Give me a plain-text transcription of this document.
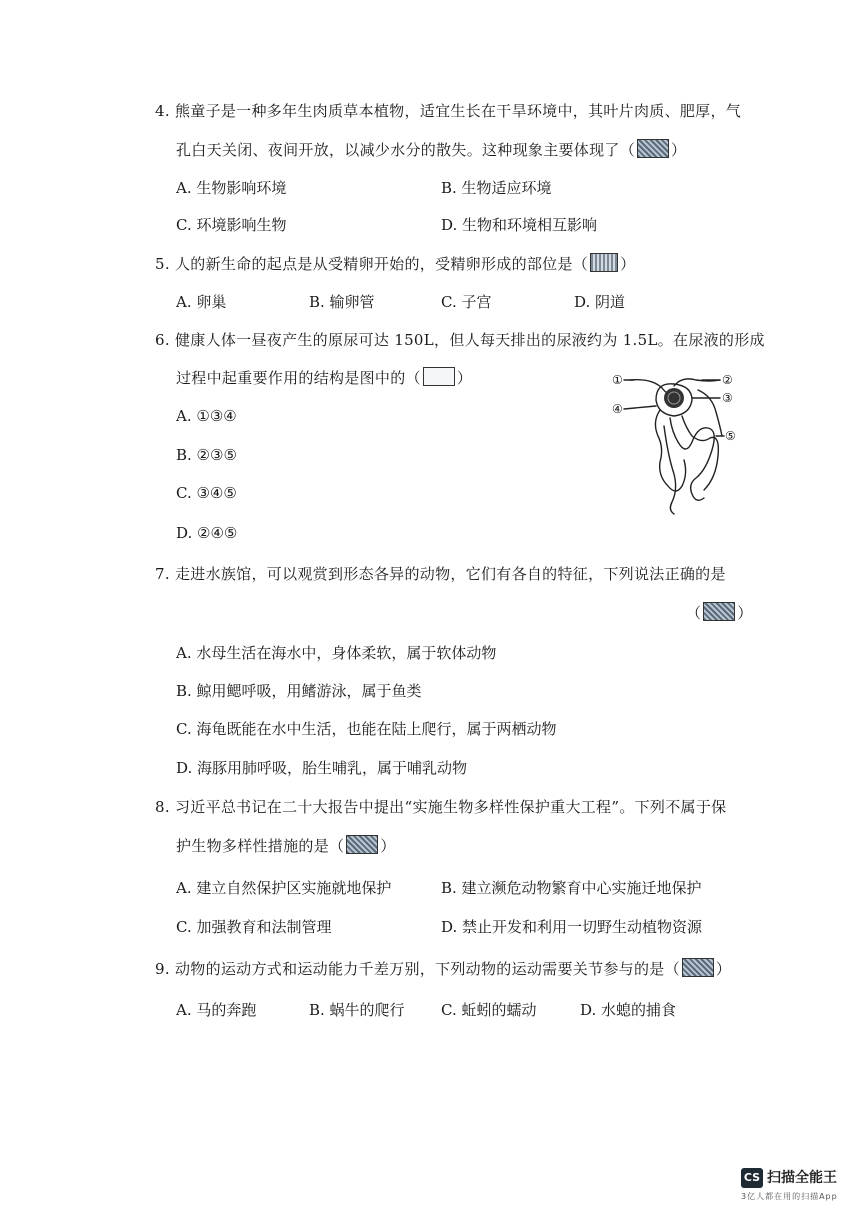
4. 熊童子是一种多年生肉质草本植物，适宜生长在干旱环境中，其叶片肉质、肥厚，气
孔白天关闭、夜间开放，以减少水分的散失。这种现象主要体现了（ ）
A. 生物影响环境	B. 生物适应环境
C. 环境影响生物	D. 生物和环境相互影响
5. 人的新生命的起点是从受精卵开始的，受精卵形成的部位是（ ）
A. 卵巢	B. 输卵管	C. 子宫	D. 阴道
6. 健康人体一昼夜产生的原尿可达 150L，但人每天排出的尿液约为 1.5L。在尿液的形成
过程中起重要作用的结构是图中的（ ）
A. ①③④
B. ②③⑤
C. ③④⑤
D. ②④⑤
①	②
③
④
⑤
7. 走进水族馆，可以观赏到形态各异的动物，它们有各自的特征，下列说法正确的是
（ ）
A. 水母生活在海水中，身体柔软，属于软体动物
B. 鲸用鳃呼吸，用鳍游泳，属于鱼类
C. 海龟既能在水中生活，也能在陆上爬行，属于两栖动物
D. 海豚用肺呼吸，胎生哺乳，属于哺乳动物
8. 习近平总书记在二十大报告中提出“实施生物多样性保护重大工程”。下列不属于保
护生物多样性措施的是（ ）
A. 建立自然保护区实施就地保护	B. 建立濒危动物繁育中心实施迁地保护
C. 加强教育和法制管理	D. 禁止开发和利用一切野生动植物资源
9. 动物的运动方式和运动能力千差万别，下列动物的运动需要关节参与的是（ ）
A. 马的奔跑	B. 蜗牛的爬行 C. 蚯蚓的蠕动	D. 水螅的捕食
CS 扫描全能王
3亿人都在用的扫描App
